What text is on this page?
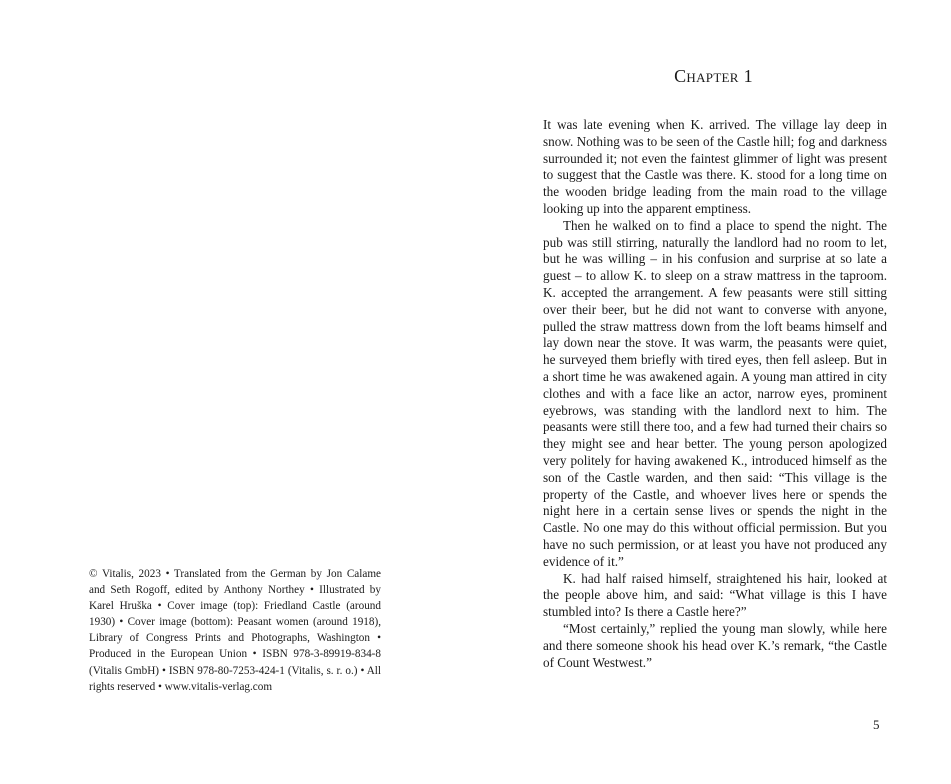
© Vitalis, 2023 • Translated from the German by Jon Calame and Seth Rogoff, edited by Anthony Northey • Illustrated by Karel Hruška • Cover image (top): Friedland Castle (around 1930) • Cover image (bottom): Peasant women (around 1918), Library of Congress Prints and Photographs, Washington • Produced in the European Union • ISBN 978-3-89919-834-8 (Vitalis GmbH) • ISBN 978-80-7253-424-1 (Vitalis, s. r. o.) • All rights reserved • www.vitalis-verlag.com
Chapter 1

It was late evening when K. arrived. The village lay deep in snow. Nothing was to be seen of the Castle hill; fog and darkness surrounded it; not even the faintest glimmer of light was present to suggest that the Castle was there. K. stood for a long time on the wooden bridge leading from the main road to the village looking up into the apparent emptiness.

Then he walked on to find a place to spend the night. The pub was still stirring, naturally the landlord had no room to let, but he was willing – in his confusion and surprise at so late a guest – to allow K. to sleep on a straw mattress in the taproom. K. accepted the arrangement. A few peasants were still sitting over their beer, but he did not want to converse with anyone, pulled the straw mattress down from the loft beams himself and lay down near the stove. It was warm, the peasants were quiet, he surveyed them briefly with tired eyes, then fell asleep. But in a short time he was awakened again. A young man attired in city clothes and with a face like an actor, narrow eyes, prominent eyebrows, was standing with the landlord next to him. The peasants were still there too, and a few had turned their chairs so they might see and hear better. The young person apologized very politely for having awakened K., introduced himself as the son of the Castle warden, and then said: “This village is the property of the Castle, and whoever lives here or spends the night here in a certain sense lives or spends the night in the Castle. No one may do this without official permission. But you have no such permission, or at least you have not produced any evidence of it.”

K. had half raised himself, straightened his hair, looked at the people above him, and said: “What village is this I have stumbled into? Is there a Castle here?”

“Most certainly,” replied the young man slowly, while here and there someone shook his head over K.’s remark, “the Castle of Count Westwest.”

5
